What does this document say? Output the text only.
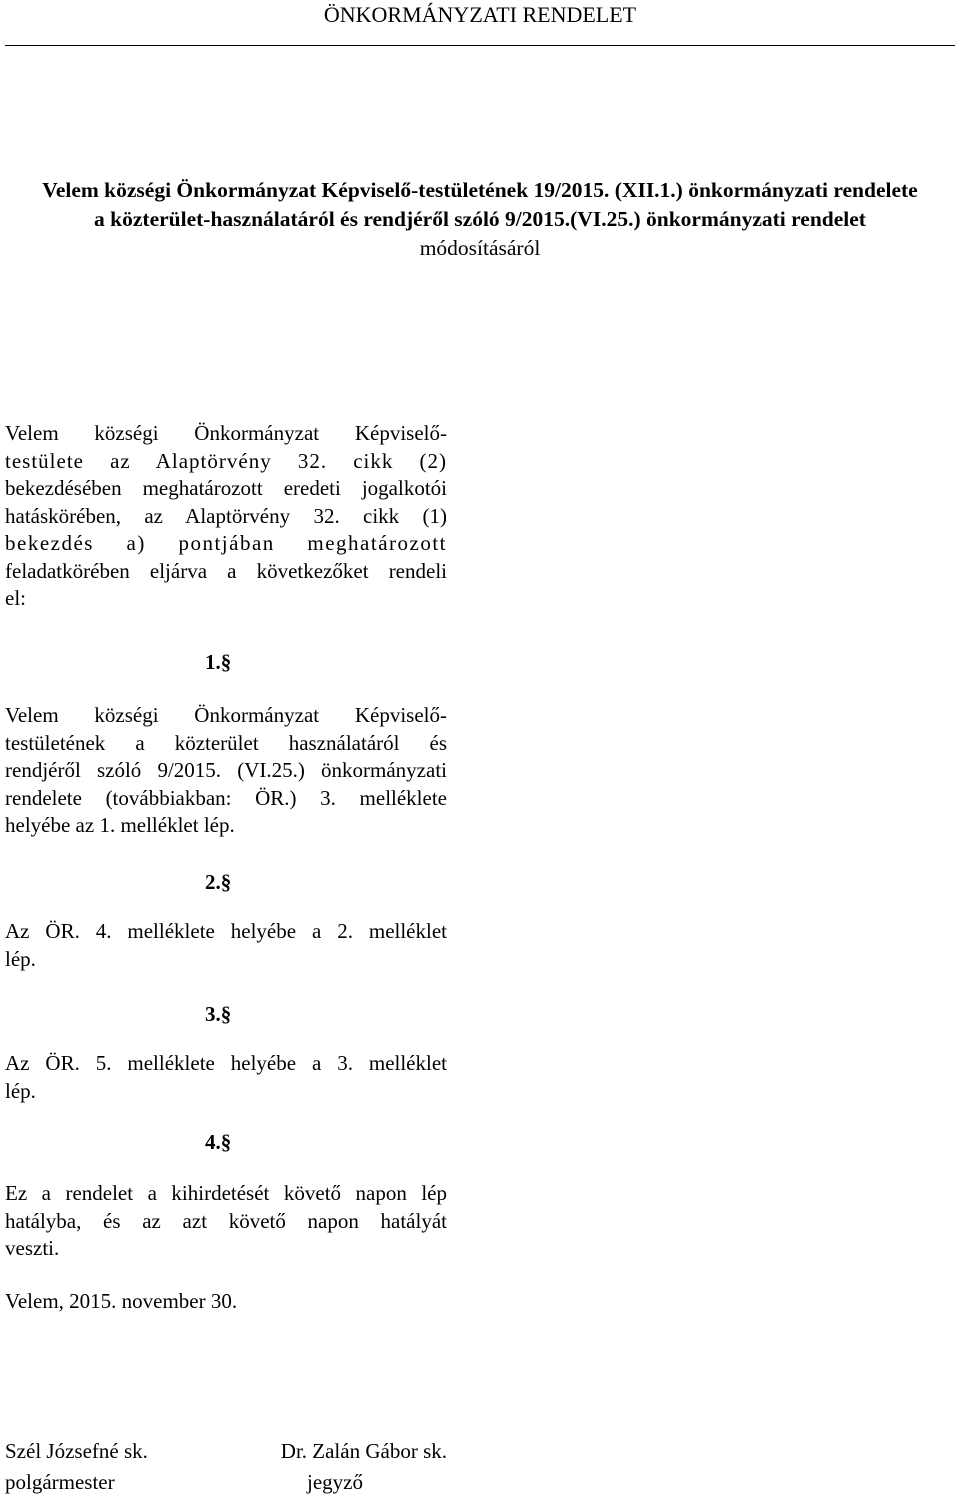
ÖNKORMÁNYZATI RENDELET
Velem községi Önkormányzat Képviselő-testületének 19/2015. (XII.1.) önkormányzati rendelete
a közterület-használatáról és rendjéről szóló 9/2015.(VI.25.) önkormányzati rendelet
módosításáról
Velem községi Önkormányzat Képviselő-
testülete az Alaptörvény 32. cikk (2)
bekezdésében meghatározott eredeti jogalkotói
hatáskörében, az Alaptörvény 32. cikk (1)
bekezdés a) pontjában meghatározott
feladatkörében eljárva a következőket rendeli
el:
1.§
Velem községi Önkormányzat Képviselő-
testületének a közterület használatáról és
rendjéről szóló 9/2015. (VI.25.) önkormányzati
rendelete (továbbiakban: ÖR.) 3. melléklete
helyébe az 1. melléklet lép.
2.§
Az ÖR. 4. melléklete helyébe a 2. melléklet
lép.
3.§
Az ÖR. 5. melléklete helyébe a 3. melléklet
lép.
4.§
Ez a rendelet a kihirdetését követő napon lép
hatályba, és az azt követő napon hatályát
veszti.
Velem, 2015. november 30.
Szél Józsefné sk.	Dr. Zalán Gábor sk.
polgármester	jegyző
